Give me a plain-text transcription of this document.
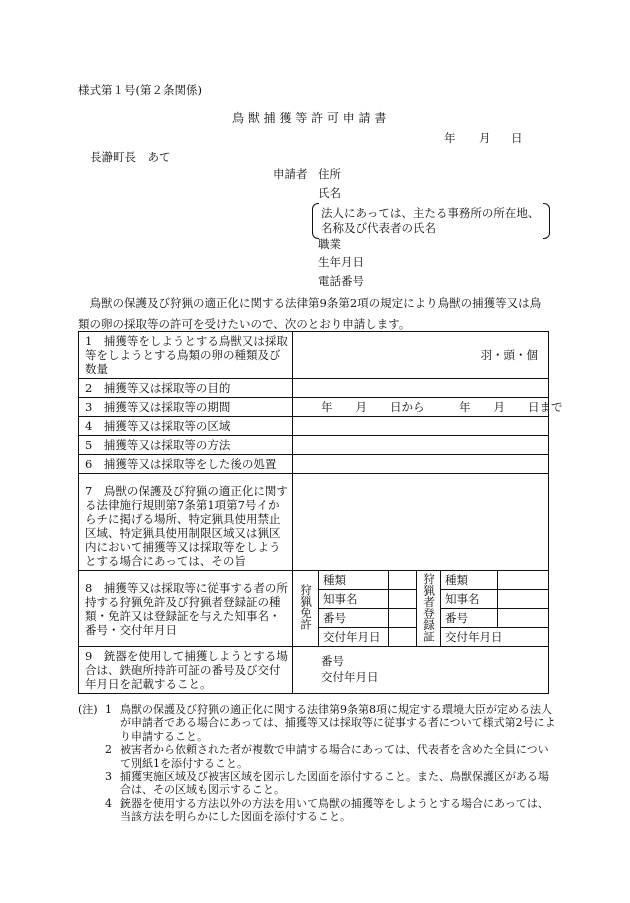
様式第１号(第２条関係)
鳥 獣 捕 獲 等 許 可 申 請 書
年 月 日
長瀞町長　あて
申請者 住所
氏名
法人にあっては、主たる事務所の所在地、
名称及び代表者の氏名
職業
生年月日
電話番号
鳥獣の保護及び狩猟の適正化に関する法律第9条第2項の規定により鳥獣の捕獲等又は鳥類の卵の採取等の許可を受けたいので、次のとおり申請します。
1　捕獲等をしようとする鳥獣又は採取等をしようとする鳥類の卵の種類及び数量	羽・頭・個				
2　捕獲等又は採取等の目的					
3　捕獲等又は採取等の期間	年　　月　　日から　　　年　　月　　日まで				
4　捕獲等又は採取等の区域					
5　捕獲等又は採取等の方法					
6　捕獲等又は採取等をした後の処置					
7　鳥獣の保護及び狩猟の適正化に関する法律施行規則第7条第1項第7号イからチに掲げる場所、特定猟具使用禁止区域、特定猟具使用制限区域又は猟区内において捕獲等又は採取等をしようとする場合にあっては、その旨					
8　捕獲等又は採取等に従事する者の所持する狩猟免許及び狩猟者登録証の種類・免許又は登録証を与えた知事名・番号・交付年月日	狩猟免許	種類		狩猟者登録証	種類

		知事名			知事名

		番号			番号

		交付年月日			交付年月日
9　銃器を使用して捕獲しようとする場合は、鉄砲所持許可証の番号及び交付年月日を記載すること。	番号
交付年月日				
(注) 1 鳥獣の保護及び狩猟の適正化に関する法律第9条第8項に規定する環境大臣が定める法人が申請者である場合にあっては、捕獲等又は採取等に従事する者について様式第2号により申請すること。
2 被害者から依頼された者が複数で申請する場合にあっては、代表者を含めた全員について別紙1を添付すること。
3 捕獲実施区域及び被害区域を図示した図面を添付すること。また、鳥獣保護区がある場合は、その区域も図示すること。
4 銃器を使用する方法以外の方法を用いて鳥獣の捕獲等をしようとする場合にあっては、当該方法を明らかにした図面を添付すること。
